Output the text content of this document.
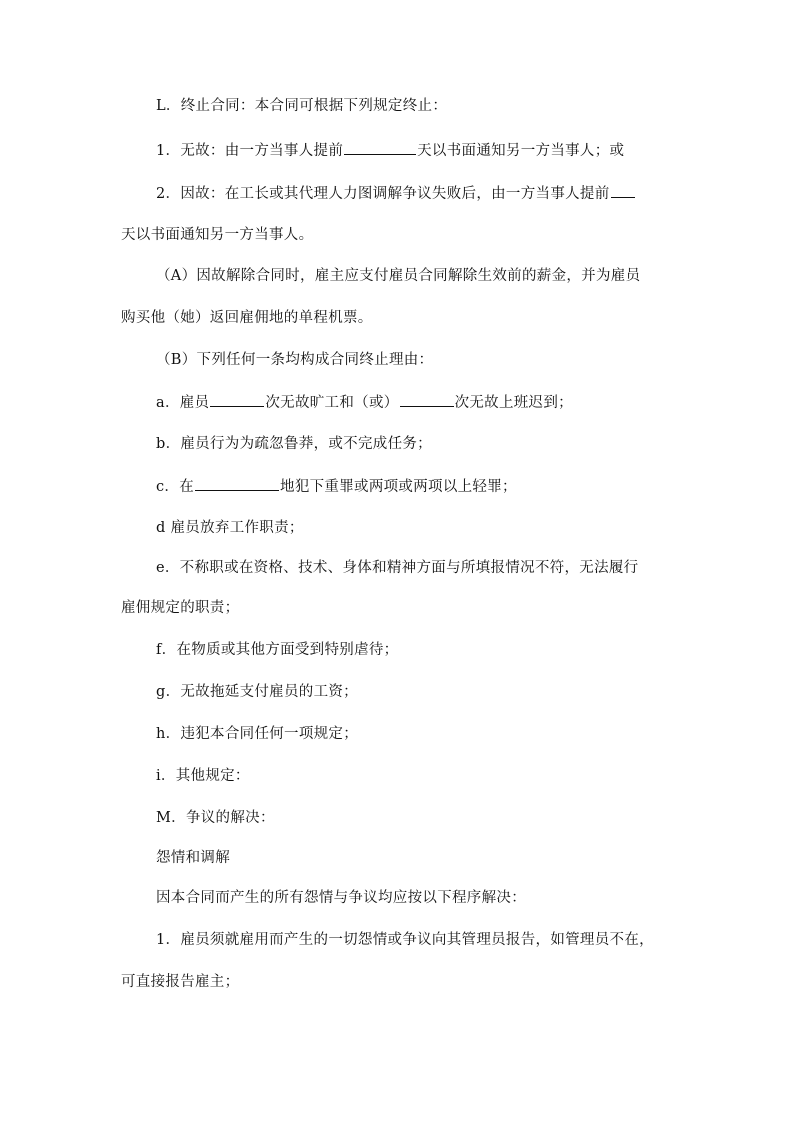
L．终止合同：本合同可根据下列规定终止：
1．无故：由一方当事人提前	天以书面通知另一方当事人；或
2．因故：在工长或其代理人力图调解争议失败后，由一方当事人提前
天以书面通知另一方当事人。
（A）因故解除合同时，雇主应支付雇员合同解除生效前的薪金，并为雇员
购买他（她）返回雇佣地的单程机票。
（B）下列任何一条均构成合同终止理由：
a．雇员	次无故旷工和（或）	次无故上班迟到；
b．雇员行为为疏忽鲁莽，或不完成任务；
c．在	地犯下重罪或两项或两项以上轻罪；
d 雇员放弃工作职责；
e．不称职或在资格、技术、身体和精神方面与所填报情况不符，无法履行
雇佣规定的职责；
f．在物质或其他方面受到特别虐待；
g．无故拖延支付雇员的工资；
h．违犯本合同任何一项规定；
i．其他规定：
M．争议的解决：
怨情和调解
因本合同而产生的所有怨情与争议均应按以下程序解决：
1．雇员须就雇用而产生的一切怨情或争议向其管理员报告，如管理员不在，
可直接报告雇主；
